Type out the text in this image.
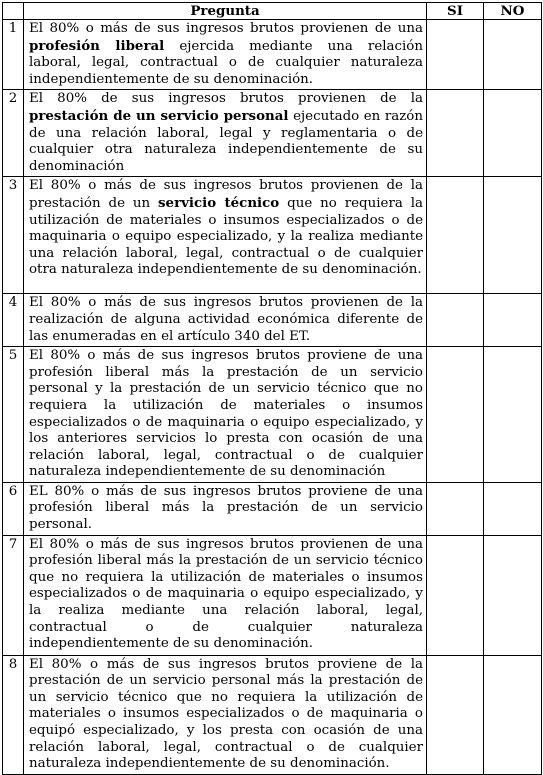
	Pregunta	SI	NO
1	El 80% o más de sus ingresos brutos provienen de una profesión liberal ejercida mediante una relación laboral, legal, contractual o de cualquier naturaleza independientemente de su denominación.		
2	El 80% de sus ingresos brutos provienen de la prestación de un servicio personal ejecutado en razón de una relación laboral, legal y reglamentaria o de cualquier otra naturaleza independientemente de su denominación		
3	El 80% o más de sus ingresos brutos provienen de la prestación de un servicio técnico que no requiera la utilización de materiales o insumos especializados o de maquinaria o equipo especializado, y la realiza mediante una relación laboral, legal, contractual o de cualquier otra naturaleza independientemente de su denominación.		
4	El 80% o más de sus ingresos brutos provienen de la realización de alguna actividad económica diferente de las enumeradas en el artículo 340 del ET.		
5	El 80% o más de sus ingresos brutos proviene de una profesión liberal más la prestación de un servicio personal y la prestación de un servicio técnico que no requiera la utilización de materiales o insumos especializados o de maquinaria o equipo especializado, y los anteriores servicios lo presta con ocasión de una relación laboral, legal, contractual o de cualquier naturaleza independientemente de su denominación		
6	EL 80% o más de sus ingresos brutos proviene de una profesión liberal más la prestación de un servicio personal.		
7	El 80% o más de sus ingresos brutos provienen de una profesión liberal más la prestación de un servicio técnico que no requiera la utilización de materiales o insumos especializados o de maquinaria o equipo especializado, y la realiza mediante una relación laboral, legal, contractual o de cualquier naturaleza independientemente de su denominación.		
8	El 80% o más de sus ingresos brutos proviene de la prestación de un servicio personal más la prestación de un servicio técnico que no requiera la utilización de materiales o insumos especializados o de maquinaria o equipó especializado, y los presta con ocasión de una relación laboral, legal, contractual o de cualquier naturaleza independientemente de su denominación.		
